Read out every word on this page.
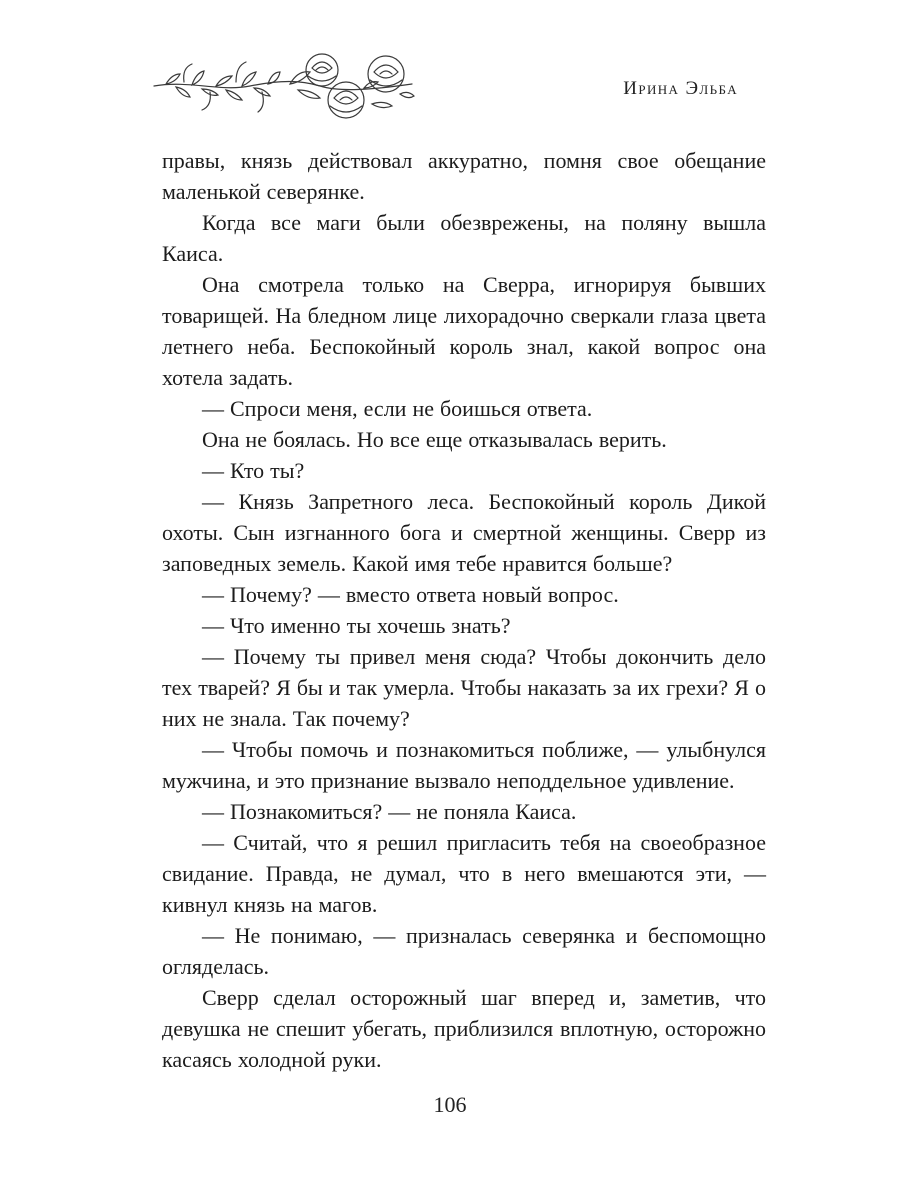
Ирина Эльба

правы, князь действовал аккуратно, помня свое обещание маленькой северянке.

Когда все маги были обезврежены, на поляну вышла Каиса.

Она смотрела только на Сверра, игнорируя бывших товарищей. На бледном лице лихорадочно сверкали глаза цвета летнего неба. Беспокойный король знал, какой вопрос она хотела задать.

— Спроси меня, если не боишься ответа.

Она не боялась. Но все еще отказывалась верить.

— Кто ты?

— Князь Запретного леса. Беспокойный король Дикой охоты. Сын изгнанного бога и смертной женщины. Сверр из заповедных земель. Какой имя тебе нравится больше?

— Почему? — вместо ответа новый вопрос.

— Что именно ты хочешь знать?

— Почему ты привел меня сюда? Чтобы докончить дело тех тварей? Я бы и так умерла. Чтобы наказать за их грехи? Я о них не знала. Так почему?

— Чтобы помочь и познакомиться поближе, — улыбнулся мужчина, и это признание вызвало неподдельное удивление.

— Познакомиться? — не поняла Каиса.

— Считай, что я решил пригласить тебя на своеобразное свидание. Правда, не думал, что в него вмешаются эти, — кивнул князь на магов.

— Не понимаю, — призналась северянка и беспомощно огляделась.

Сверр сделал осторожный шаг вперед и, заметив, что девушка не спешит убегать, приблизился вплотную, осторожно касаясь холодной руки.

106
